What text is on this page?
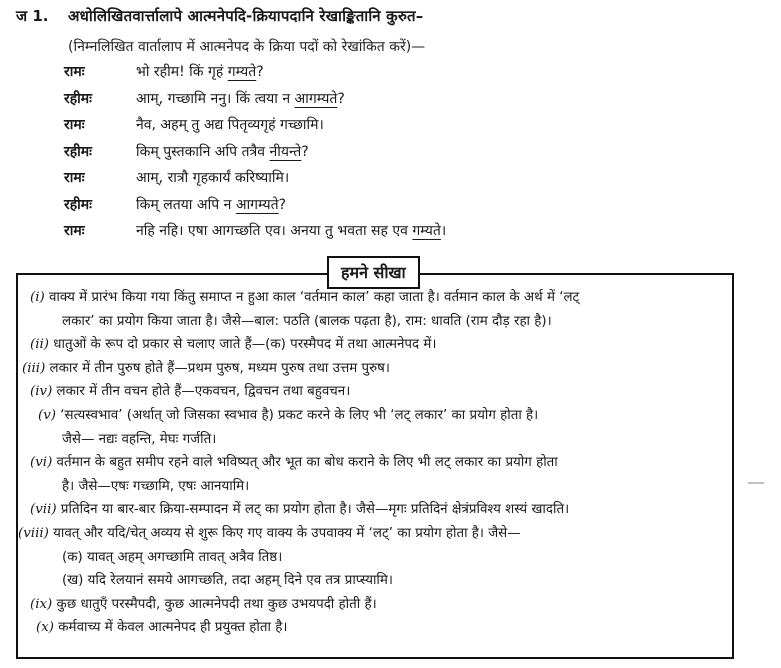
ज 1.	अधोलिखितवार्त्तालापे आत्मनेपदि-क्रियापदानि रेखाङ्कितानि कुरुत–
(निम्नलिखित वार्तालाप में आत्मनेपद के क्रिया पदों को रेखांकित करें)—
रामः	भो रहीम! किं गृहं गम्यते?
रहीमः	आम्, गच्छामि ननु। किं त्वया न आगम्यते?
रामः	नैव, अहम् तु अद्य पितृव्यगृहं गच्छामि।
रहीमः	किम् पुस्तकानि अपि तत्रैव नीयन्ते?
रामः	आम्, रात्रौ गृहकार्यं करिष्यामि।
रहीमः	किम् लतया अपि न आगम्यते?
रामः	नहि नहि। एषा आगच्छति एव। अनया तु भवता सह एव गम्यते।
हमने सीखा
(i) वाक्य में प्रारंभ किया गया किंतु समाप्त न हुआ काल ‘वर्तमान काल’ कहा जाता है। वर्तमान काल के अर्थ में ‘लट्
लकार’ का प्रयोग किया जाता है। जैसे—बाल: पठति (बालक पढ़ता है), राम: धावति (राम दौड़ रहा है)।
(ii) धातुओं के रूप दो प्रकार से चलाए जाते हैं—(क) परस्मैपद में तथा आत्मनेपद में।
(iii) लकार में तीन पुरुष होते हैं—प्रथम पुरुष, मध्यम पुरुष तथा उत्तम पुरुष।
(iv) लकार में तीन वचन होते हैं—एकवचन, द्विवचन तथा बहुवचन।
(v) ‘सत्यस्वभाव’ (अर्थात् जो जिसका स्वभाव है) प्रकट करने के लिए भी ‘लट् लकार’ का प्रयोग होता है।
जैसे— नद्यः वहन्ति, मेघः गर्जति।
(vi) वर्तमान के बहुत समीप रहने वाले भविष्यत् और भूत का बोध कराने के लिए भी लट् लकार का प्रयोग होता
है। जैसे—एषः गच्छामि, एषः आनयामि।
(vii) प्रतिदिन या बार-बार क्रिया-सम्पादन में लट् का प्रयोग होता है। जैसे—मृगः प्रतिदिनं क्षेत्रंप्रविश्य शस्यं खादति।
(viii) यावत् और यदि/चेत् अव्यय से शुरू किए गए वाक्य के उपवाक्य में ‘लट्’ का प्रयोग होता है। जैसे—
(क) यावत् अहम् अगच्छामि तावत् अत्रैव तिष्ठ।
(ख) यदि रेलयानं समये आगच्छति, तदा अहम् दिने एव तत्र प्राप्स्यामि।
(ix) कुछ धातुएँ परस्मैपदी, कुछ आत्मनेपदी तथा कुछ उभयपदी होती हैं।
(x) कर्मवाच्य में केवल आत्मनेपद ही प्रयुक्त होता है।
